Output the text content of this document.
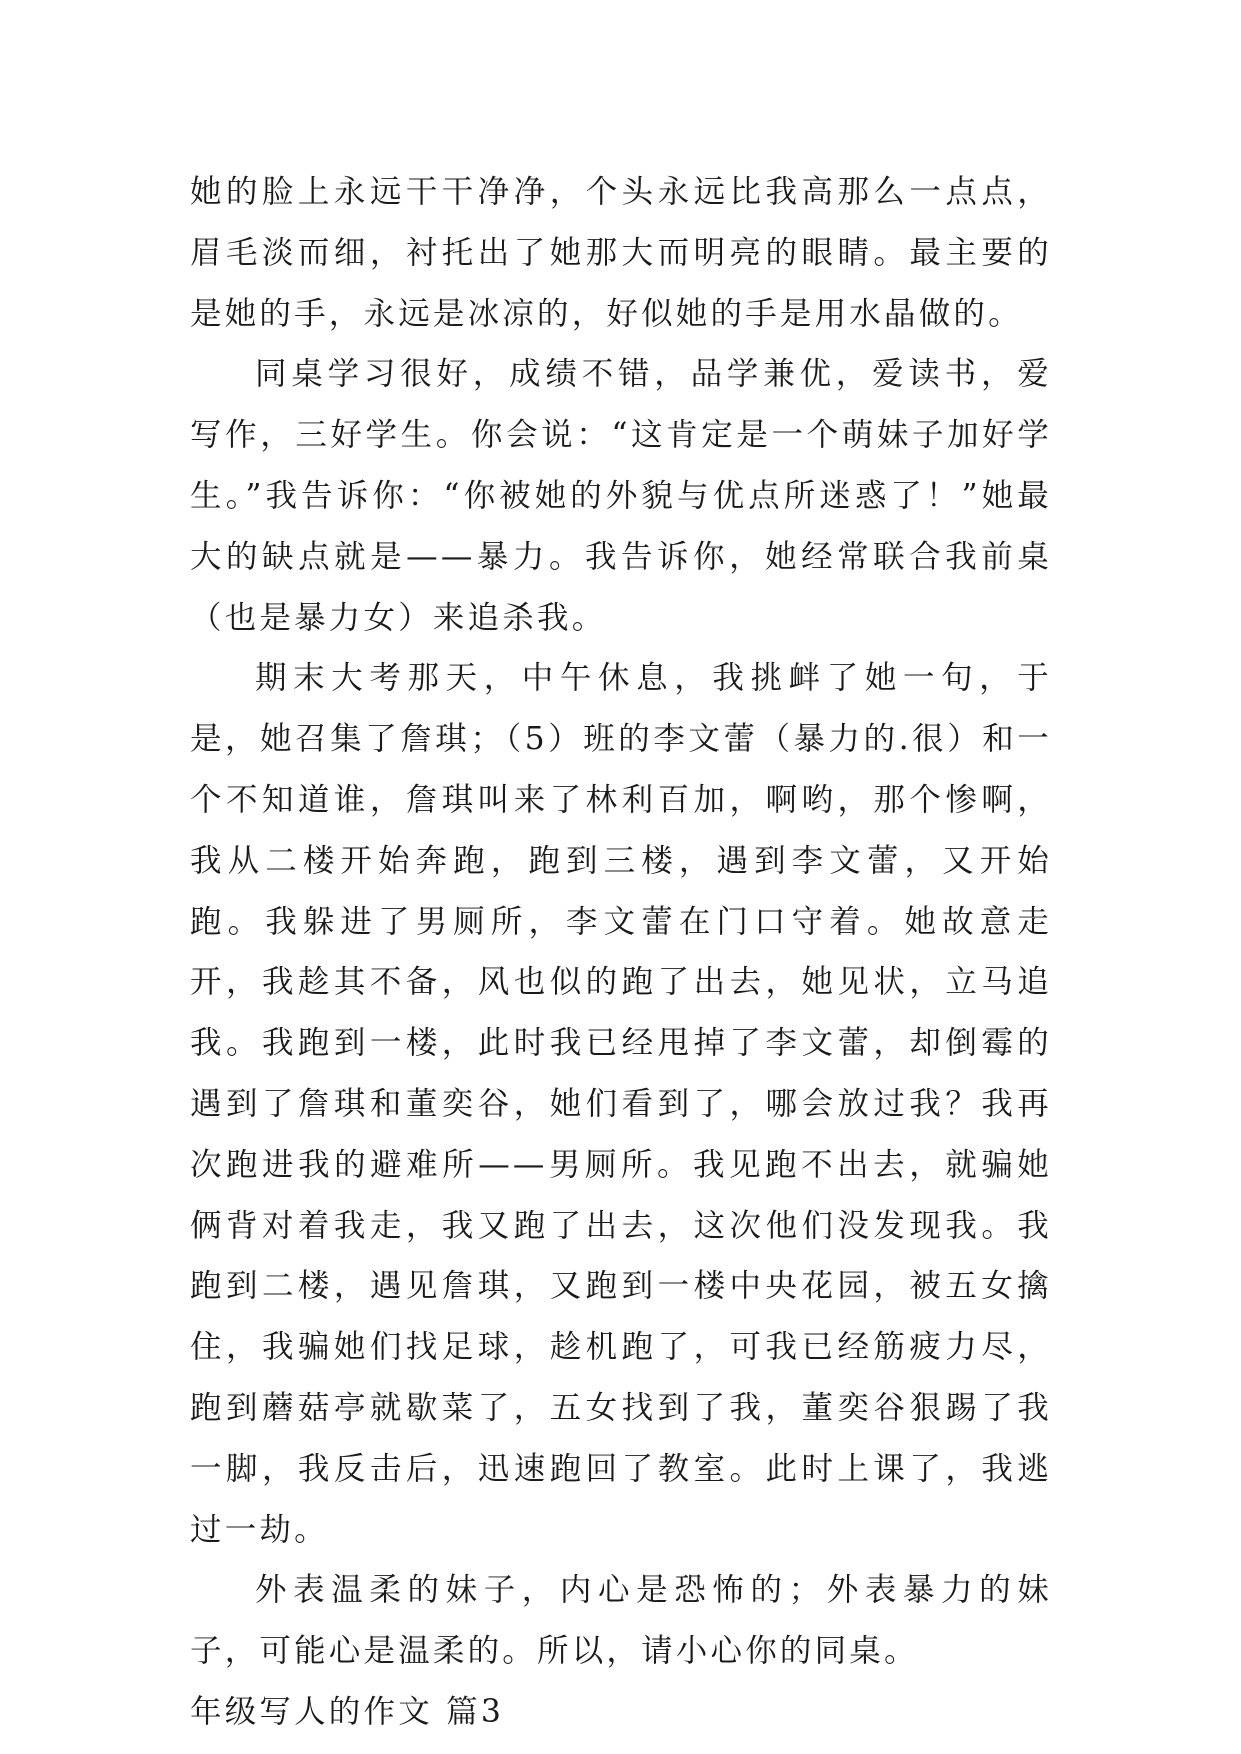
她的脸上永远干干净净，个头永远比我高那么一点点，眉毛淡而细，衬托出了她那大而明亮的眼睛。最主要的是她的手，永远是冰凉的，好似她的手是用水晶做的。

同桌学习很好，成绩不错，品学兼优，爱读书，爱写作，三好学生。你会说：“这肯定是一个萌妹子加好学生。”我告诉你：“你被她的外貌与优点所迷惑了！”她最大的缺点就是——暴力。我告诉你，她经常联合我前桌（也是暴力女）来追杀我。

期末大考那天，中午休息，我挑衅了她一句，于是，她召集了詹琪；（5）班的李文蕾（暴力的.很）和一个不知道谁，詹琪叫来了林利百加，啊哟，那个惨啊，我从二楼开始奔跑，跑到三楼，遇到李文蕾，又开始跑。我躲进了男厕所，李文蕾在门口守着。她故意走开，我趁其不备，风也似的跑了出去，她见状，立马追我。我跑到一楼，此时我已经甩掉了李文蕾，却倒霉的遇到了詹琪和董奕谷，她们看到了，哪会放过我？我再次跑进我的避难所——男厕所。我见跑不出去，就骗她俩背对着我走，我又跑了出去，这次他们没发现我。我跑到二楼，遇见詹琪，又跑到一楼中央花园，被五女擒住，我骗她们找足球，趁机跑了，可我已经筋疲力尽，跑到蘑菇亭就歇菜了，五女找到了我，董奕谷狠踢了我一脚，我反击后，迅速跑回了教室。此时上课了，我逃过一劫。

外表温柔的妹子，内心是恐怖的；外表暴力的妹子，可能心是温柔的。所以，请小心你的同桌。

年级写人的作文 篇3
